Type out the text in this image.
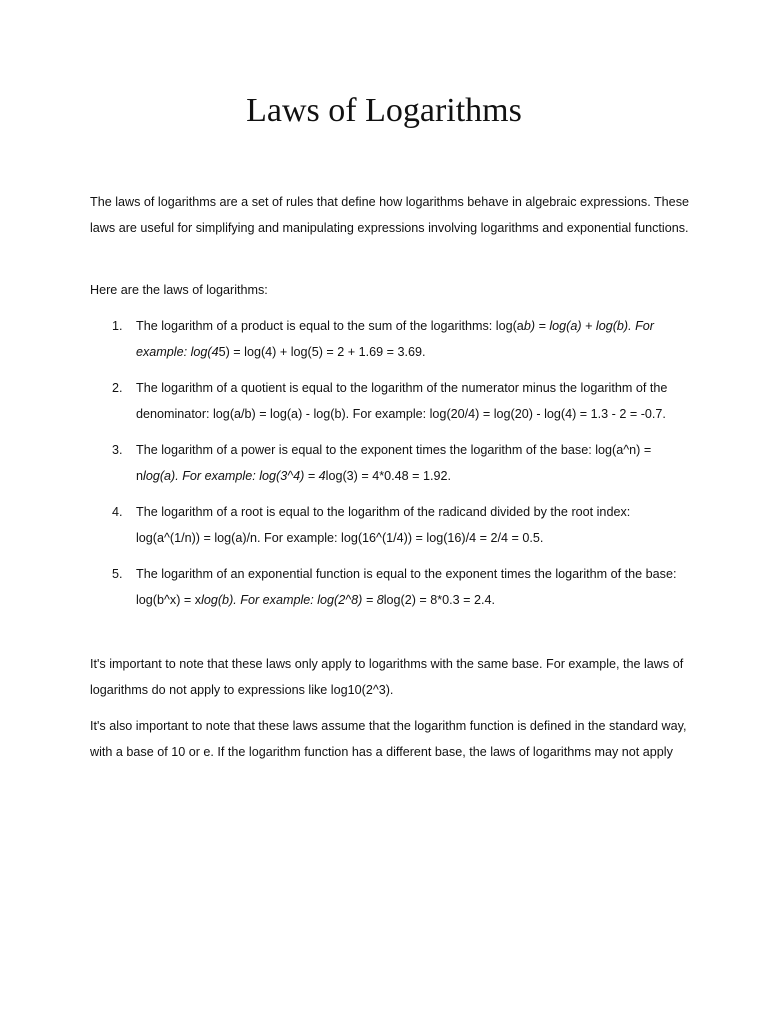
Laws of Logarithms

The laws of logarithms are a set of rules that define how logarithms behave in algebraic expressions. These laws are useful for simplifying and manipulating expressions involving logarithms and exponential functions.

Here are the laws of logarithms:

1. The logarithm of a product is equal to the sum of the logarithms: log(ab) = log(a) + log(b). For example: log(45) = log(4) + log(5) = 2 + 1.69 = 3.69.
2. The logarithm of a quotient is equal to the logarithm of the numerator minus the logarithm of the denominator: log(a/b) = log(a) - log(b). For example: log(20/4) = log(20) - log(4) = 1.3 - 2 = -0.7.
3. The logarithm of a power is equal to the exponent times the logarithm of the base: log(a^n) = nlog(a). For example: log(3^4) = 4log(3) = 4*0.48 = 1.92.
4. The logarithm of a root is equal to the logarithm of the radicand divided by the root index: log(a^(1/n)) = log(a)/n. For example: log(16^(1/4)) = log(16)/4 = 2/4 = 0.5.
5. The logarithm of an exponential function is equal to the exponent times the logarithm of the base: log(b^x) = xlog(b). For example: log(2^8) = 8log(2) = 8*0.3 = 2.4.

It's important to note that these laws only apply to logarithms with the same base. For example, the laws of logarithms do not apply to expressions like log10(2^3).

It's also important to note that these laws assume that the logarithm function is defined in the standard way, with a base of 10 or e. If the logarithm function has a different base, the laws of logarithms may not apply
